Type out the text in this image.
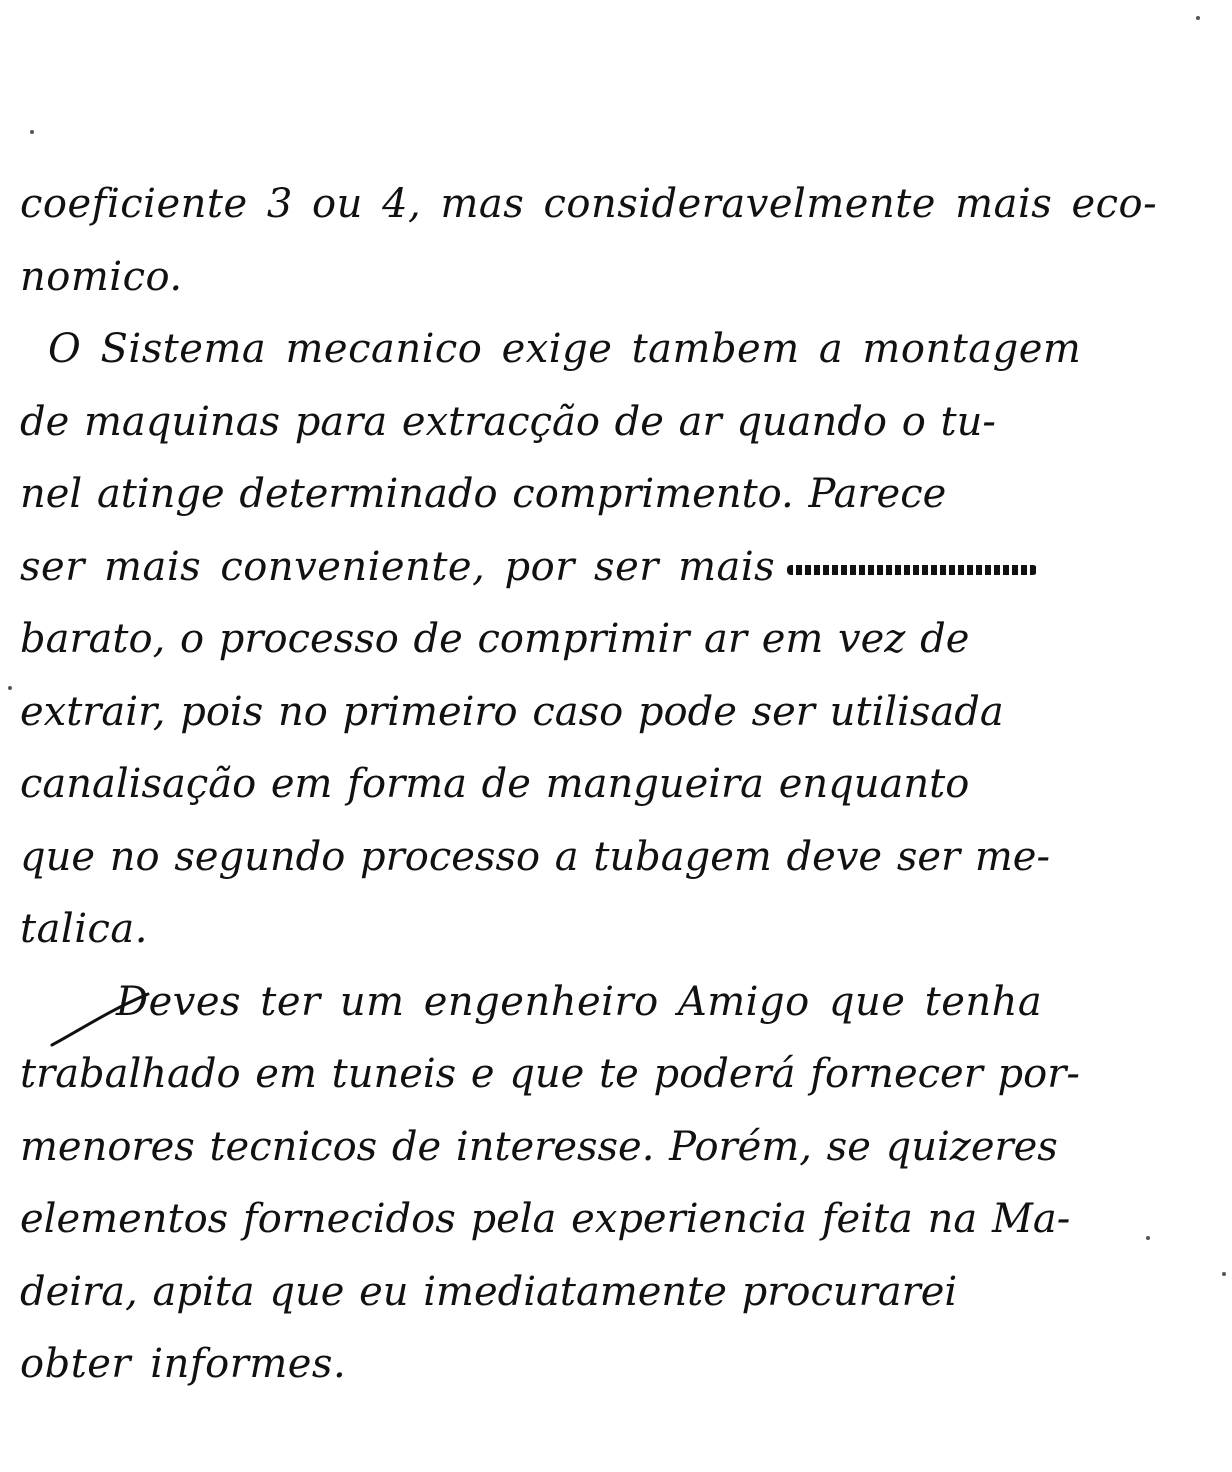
coeficiente 3 ou 4, mas consideravelmente mais eco-
nomico.
O Sistema mecanico exige tambem a montagem
de maquinas para extracção de ar quando o tu-
nel atinge determinado comprimento. Parece
ser mais conveniente, por ser mais
barato, o processo de comprimir ar em vez de
extrair, pois no primeiro caso pode ser utilisada
canalisação em forma de mangueira enquanto
que no segundo processo a tubagem deve ser me-
talica.
Deves ter um engenheiro Amigo que tenha
trabalhado em tuneis e que te poderá fornecer por-
menores tecnicos de interesse. Porém, se quizeres
elementos fornecidos pela experiencia feita na Ma-
deira, apita que eu imediatamente procurarei
obter informes.
